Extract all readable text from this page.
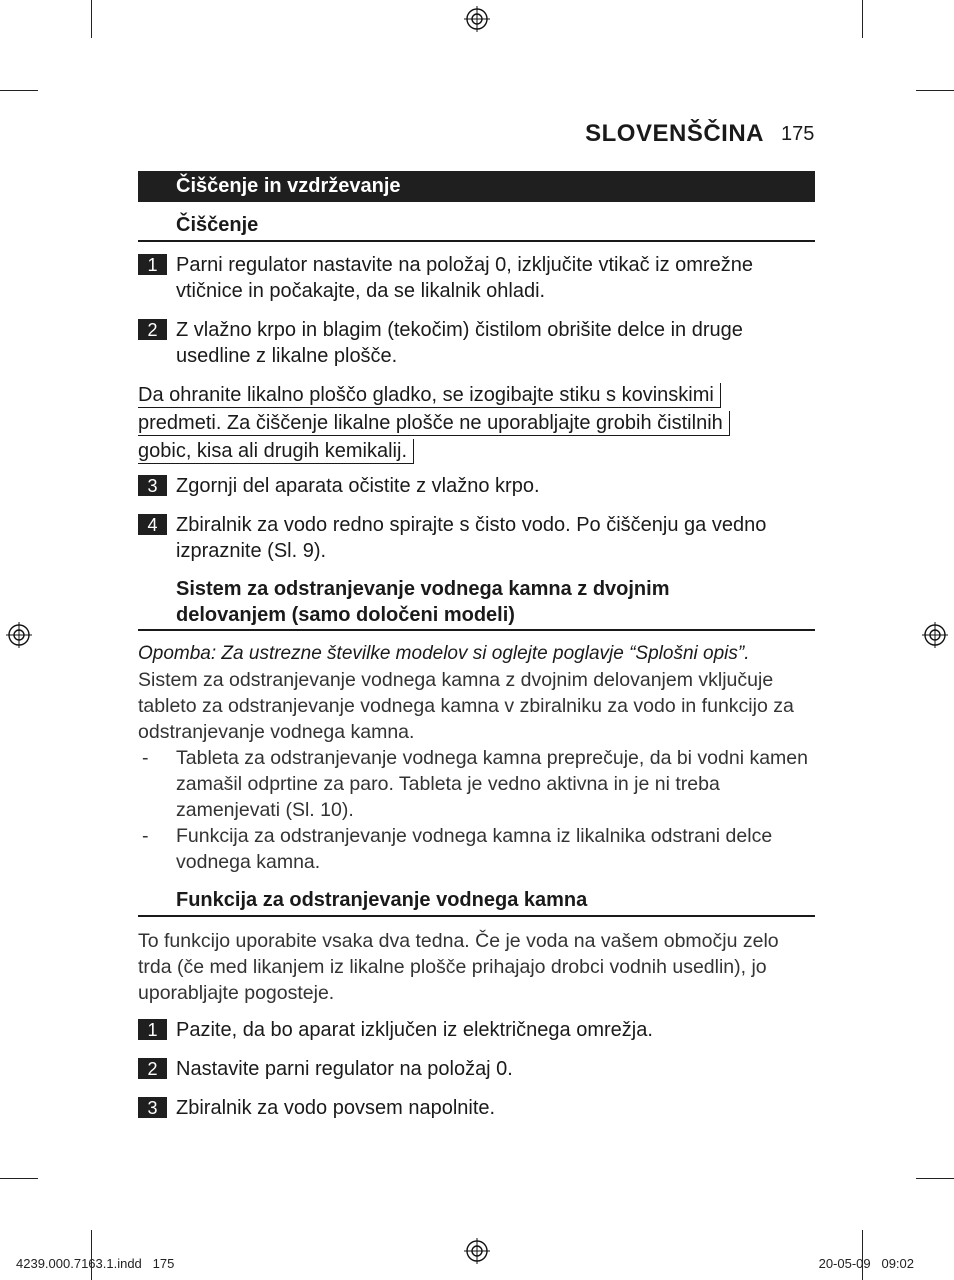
SLOVENŠČINA 175
Čiščenje in vzdrževanje
Čiščenje
1 Parni regulator nastavite na položaj 0, izključite vtikač iz omrežne vtičnice in počakajte, da se likalnik ohladi.
2 Z vlažno krpo in blagim (tekočim) čistilom obrišite delce in druge usedline z likalne plošče.
Da ohranite likalno ploščo gladko, se izogibajte stiku s kovinskimi
predmeti. Za čiščenje likalne plošče ne uporabljajte grobih čistilnih
gobic, kisa ali drugih kemikalij.
3 Zgornji del aparata očistite z vlažno krpo.
4 Zbiralnik za vodo redno spirajte s čisto vodo. Po čiščenju ga vedno izpraznite (Sl. 9).
Sistem za odstranjevanje vodnega kamna z dvojnim delovanjem (samo določeni modeli)
Opomba: Za ustrezne številke modelov si oglejte poglavje “Splošni opis”.
Sistem za odstranjevanje vodnega kamna z dvojnim delovanjem vključuje tableto za odstranjevanje vodnega kamna v zbiralniku za vodo in funkcijo za odstranjevanje vodnega kamna.
- Tableta za odstranjevanje vodnega kamna preprečuje, da bi vodni kamen zamašil odprtine za paro. Tableta je vedno aktivna in je ni treba zamenjevati (Sl. 10).
- Funkcija za odstranjevanje vodnega kamna iz likalnika odstrani delce vodnega kamna.
Funkcija za odstranjevanje vodnega kamna
To funkcijo uporabite vsaka dva tedna. Če je voda na vašem območju zelo trda (če med likanjem iz likalne plošče prihajajo drobci vodnih usedlin), jo uporabljajte pogosteje.
1 Pazite, da bo aparat izključen iz električnega omrežja.
2 Nastavite parni regulator na položaj 0.
3 Zbiralnik za vodo povsem napolnite.
4239.000.7163.1.indd   175	20-05-09   09:02
